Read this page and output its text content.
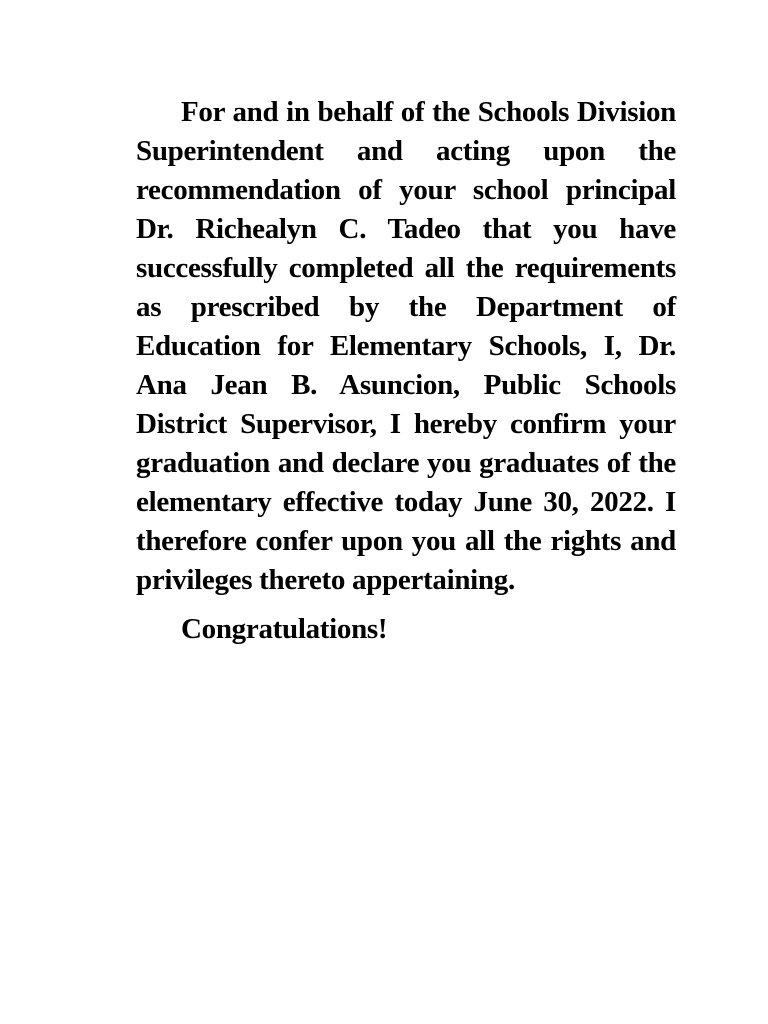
For and in behalf of the Schools Division Superintendent and acting upon the recommendation of your school principal Dr. Richealyn C. Tadeo that you have successfully completed all the requirements as prescribed by the Department of Education for Elementary Schools, I, Dr. Ana Jean B. Asuncion, Public Schools District Supervisor, I hereby confirm your graduation and declare you graduates of the elementary effective today June 30, 2022. I therefore confer upon you all the rights and privileges thereto appertaining.

Congratulations!
